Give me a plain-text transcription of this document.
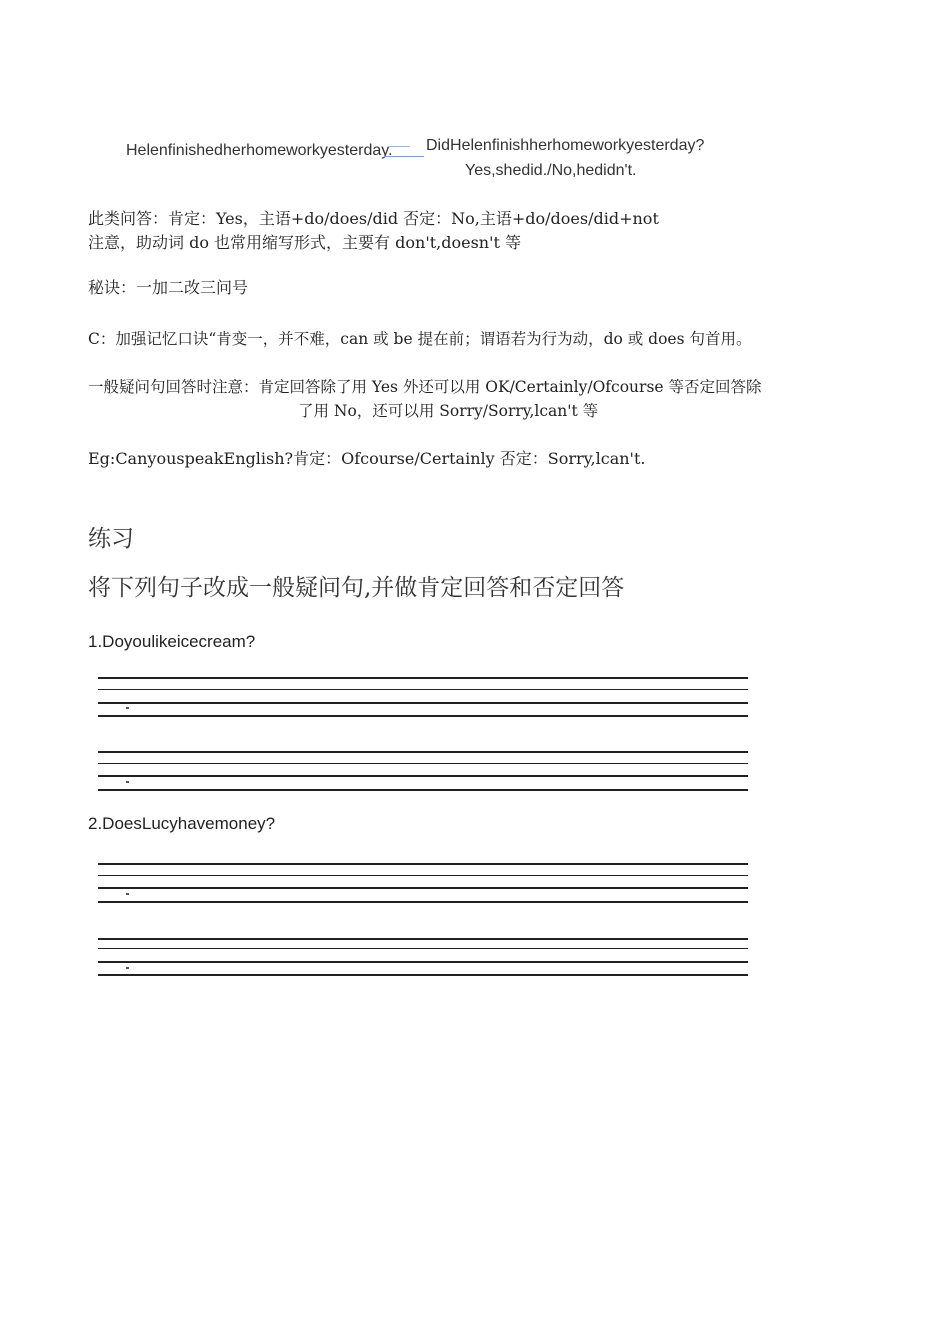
Helenfinishedherhomeworkyesterday. DidHelenfinishherhomeworkyesterday?
Yes,shedid./No,hedidn't.
此类问答：肯定：Yes，主语+do/does/did 否定：No,主语+do/does/did+not
注意，助动词 do 也常用缩写形式，主要有 don't,doesn't 等
秘诀：一加二改三问号
C：加强记忆口诀“肯变一，并不难，can 或 be 提在前；谓语若为行为动，do 或 does 句首用。
一般疑问句回答时注意：肯定回答除了用 Yes 外还可以用 OK/Certainly/Ofcourse 等否定回答除
了用 No，还可以用 Sorry/Sorry,lcan't 等
Eg:CanyouspeakEnglish?肯定：Ofcourse/Certainly 否定：Sorry,lcan't.
练习
将下列句子改成一般疑问句,并做肯定回答和否定回答
1.Doyoulikeicecream?
2.DoesLucyhavemoney?
